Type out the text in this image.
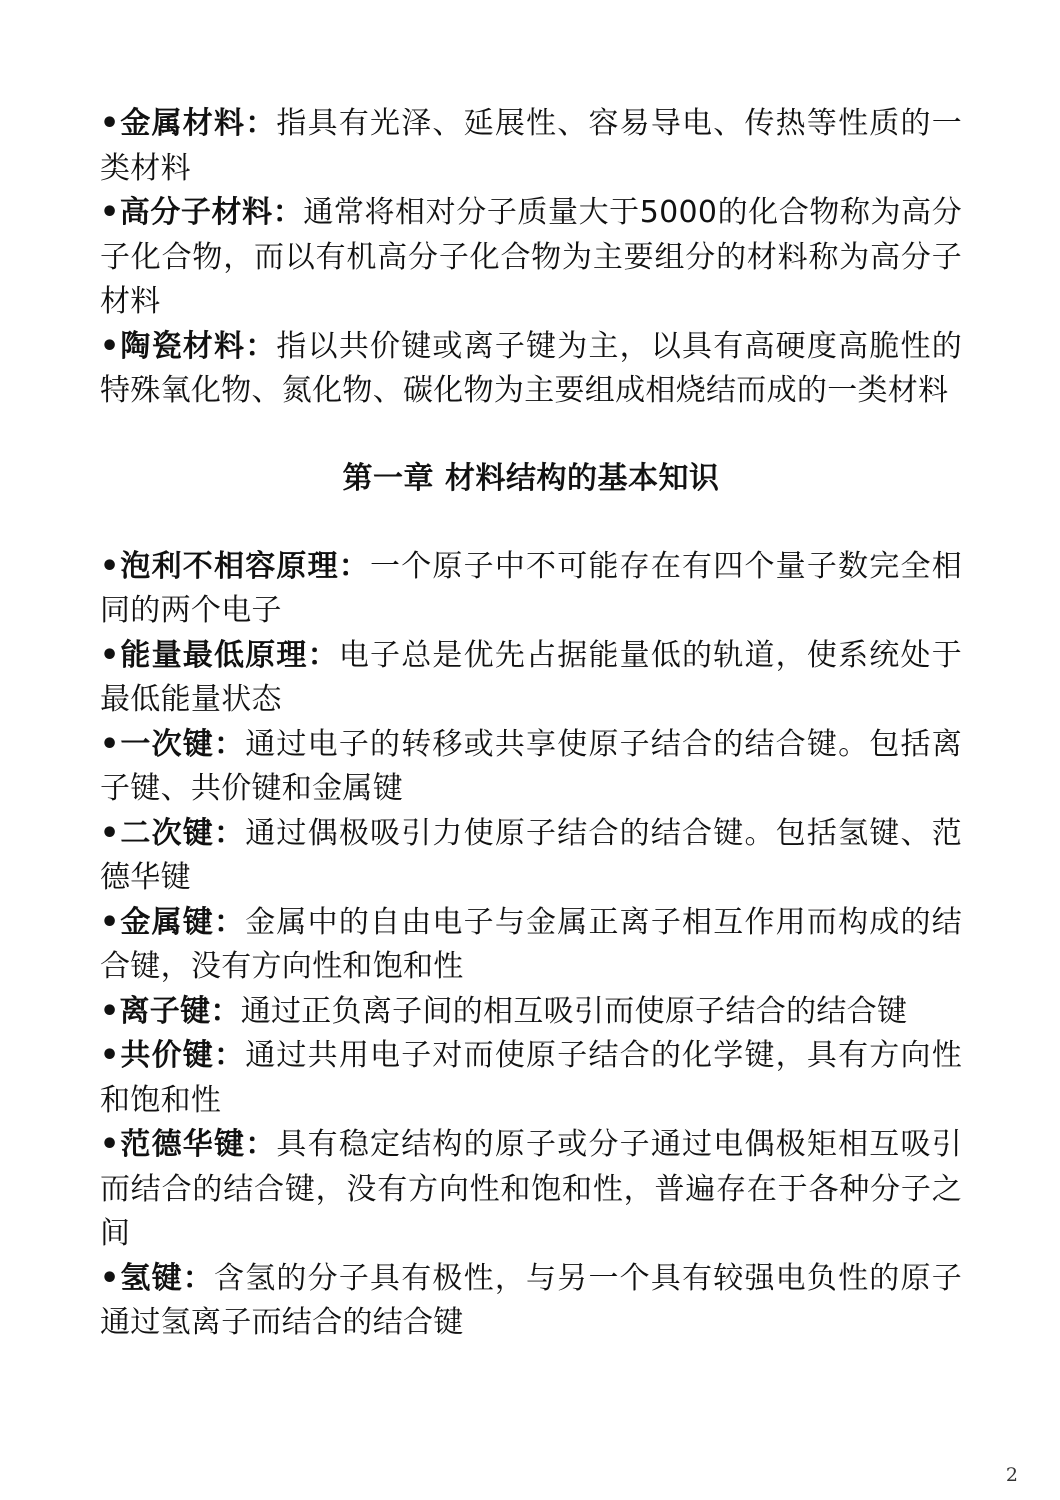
•金属材料：指具有光泽、延展性、容易导电、传热等性质的一类材料

•高分子材料：通常将相对分子质量大于5000的化合物称为高分子化合物，而以有机高分子化合物为主要组分的材料称为高分子材料

•陶瓷材料：指以共价键或离子键为主，以具有高硬度高脆性的特殊氧化物、氮化物、碳化物为主要组成相烧结而成的一类材料

第一章 材料结构的基本知识

•泡利不相容原理：一个原子中不可能存在有四个量子数完全相同的两个电子

•能量最低原理：电子总是优先占据能量低的轨道，使系统处于最低能量状态

•一次键：通过电子的转移或共享使原子结合的结合键。包括离子键、共价键和金属键

•二次键：通过偶极吸引力使原子结合的结合键。包括氢键、范德华键

•金属键：金属中的自由电子与金属正离子相互作用而构成的结合键，没有方向性和饱和性

•离子键：通过正负离子间的相互吸引而使原子结合的结合键

•共价键：通过共用电子对而使原子结合的化学键，具有方向性和饱和性

•范德华键：具有稳定结构的原子或分子通过电偶极矩相互吸引而结合的结合键，没有方向性和饱和性，普遍存在于各种分子之间

•氢键：含氢的分子具有极性，与另一个具有较强电负性的原子通过氢离子而结合的结合键

2
